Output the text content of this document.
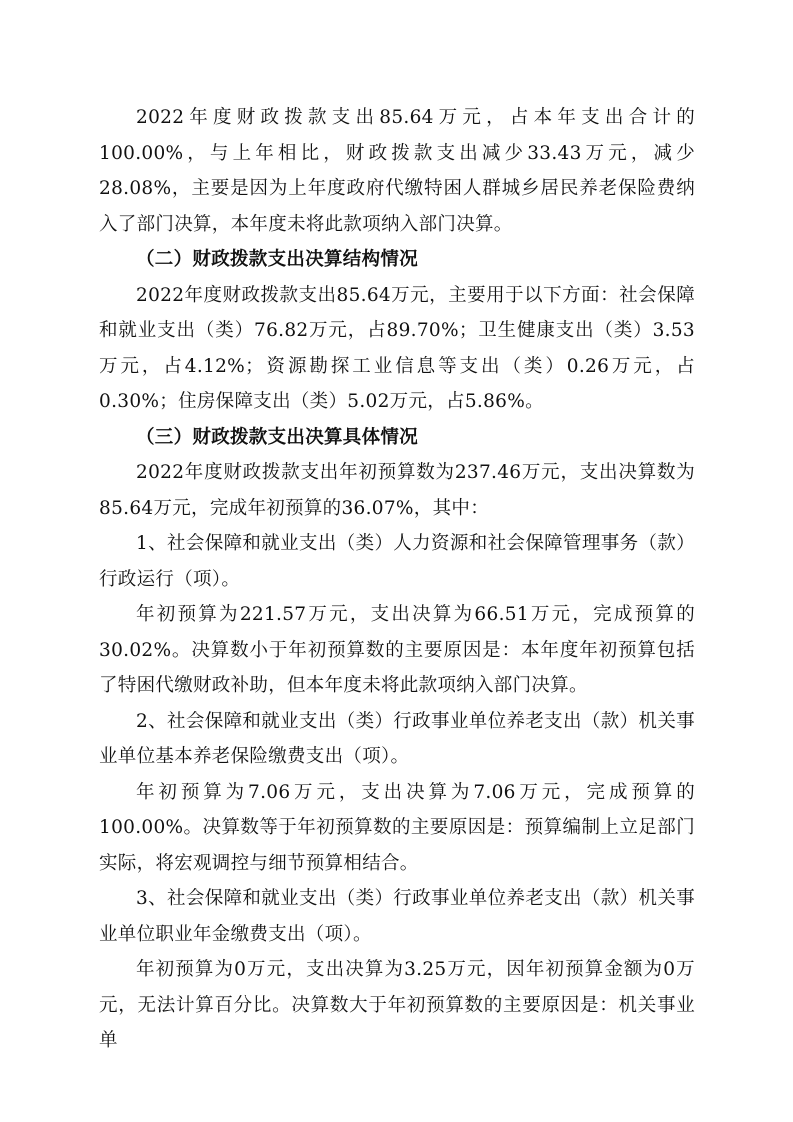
2022年度财政拨款支出85.64万元，占本年支出合计的100.00%，与上年相比，财政拨款支出减少33.43万元，减少28.08%，主要是因为上年度政府代缴特困人群城乡居民养老保险费纳入了部门决算，本年度未将此款项纳入部门决算。

（二）财政拨款支出决算结构情况

2022年度财政拨款支出85.64万元，主要用于以下方面：社会保障和就业支出（类）76.82万元，占89.70%；卫生健康支出（类）3.53万元，占4.12%；资源勘探工业信息等支出（类）0.26万元，占0.30%；住房保障支出（类）5.02万元，占5.86%。

（三）财政拨款支出决算具体情况

2022年度财政拨款支出年初预算数为237.46万元，支出决算数为85.64万元，完成年初预算的36.07%，其中：

1、社会保障和就业支出（类）人力资源和社会保障管理事务（款）行政运行（项）。

年初预算为221.57万元，支出决算为66.51万元，完成预算的30.02%。决算数小于年初预算数的主要原因是：本年度年初预算包括了特困代缴财政补助，但本年度未将此款项纳入部门决算。

2、社会保障和就业支出（类）行政事业单位养老支出（款）机关事业单位基本养老保险缴费支出（项）。

年初预算为7.06万元，支出决算为7.06万元，完成预算的100.00%。决算数等于年初预算数的主要原因是：预算编制上立足部门实际，将宏观调控与细节预算相结合。

3、社会保障和就业支出（类）行政事业单位养老支出（款）机关事业单位职业年金缴费支出（项）。

年初预算为0万元，支出决算为3.25万元，因年初预算金额为0万元，无法计算百分比。决算数大于年初预算数的主要原因是：机关事业单
